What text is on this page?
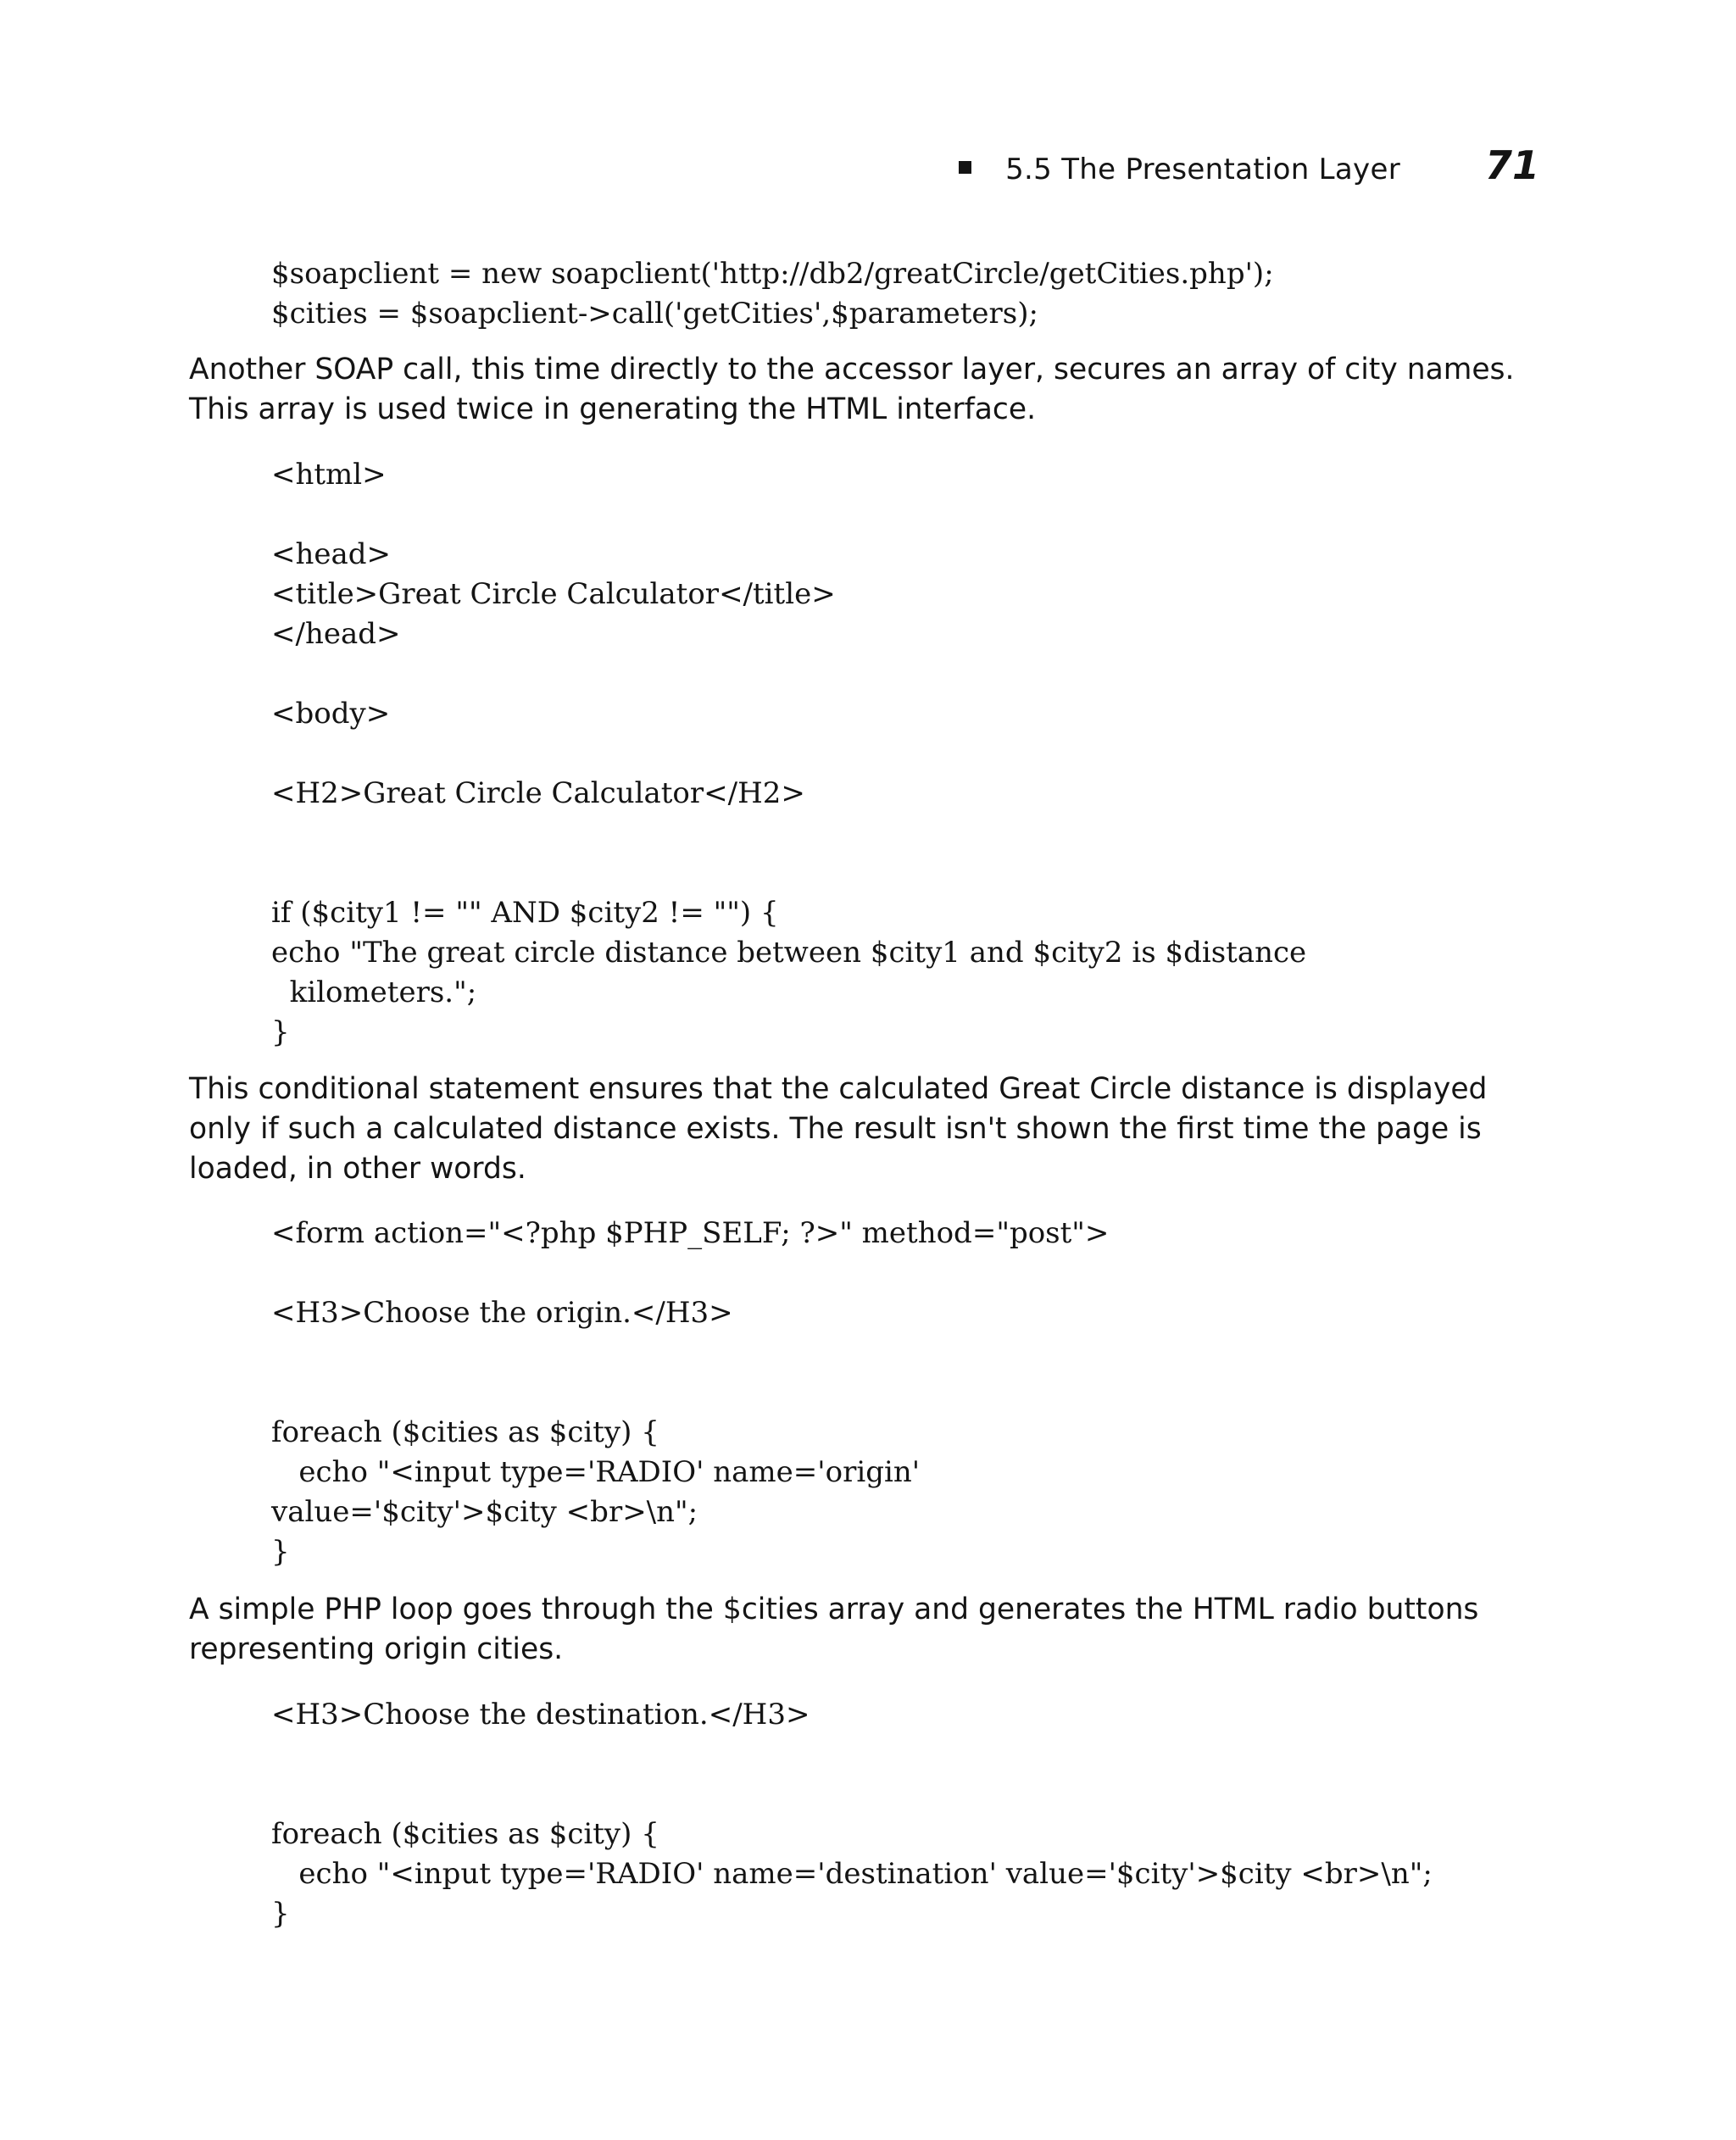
5.5 The Presentation Layer 71
$soapclient = new soapclient('http://db2/greatCircle/getCities.php');
$cities = $soapclient->call('getCities',$parameters);

Another SOAP call, this time directly to the accessor layer, secures an array of city names. This array is used twice in generating the HTML interface.

<html>

<head>
<title>Great Circle Calculator</title>
</head>

<body>

<H2>Great Circle Calculator</H2>

if ($city1 != "" AND $city2 != "") {
echo "The great circle distance between $city1 and $city2 is $distance
kilometers.";
}

This conditional statement ensures that the calculated Great Circle distance is displayed only if such a calculated distance exists. The result isn't shown the first time the page is loaded, in other words.

<form action="<?php $PHP_SELF; ?>" method="post">

<H3>Choose the origin.</H3>

foreach ($cities as $city) {
echo "<input type='RADIO' name='origin'
value='$city'>$city <br>\n";
}

A simple PHP loop goes through the $cities array and generates the HTML radio buttons representing origin cities.

<H3>Choose the destination.</H3>

foreach ($cities as $city) {
echo "<input type='RADIO' name='destination' value='$city'>$city <br>\n";
}
